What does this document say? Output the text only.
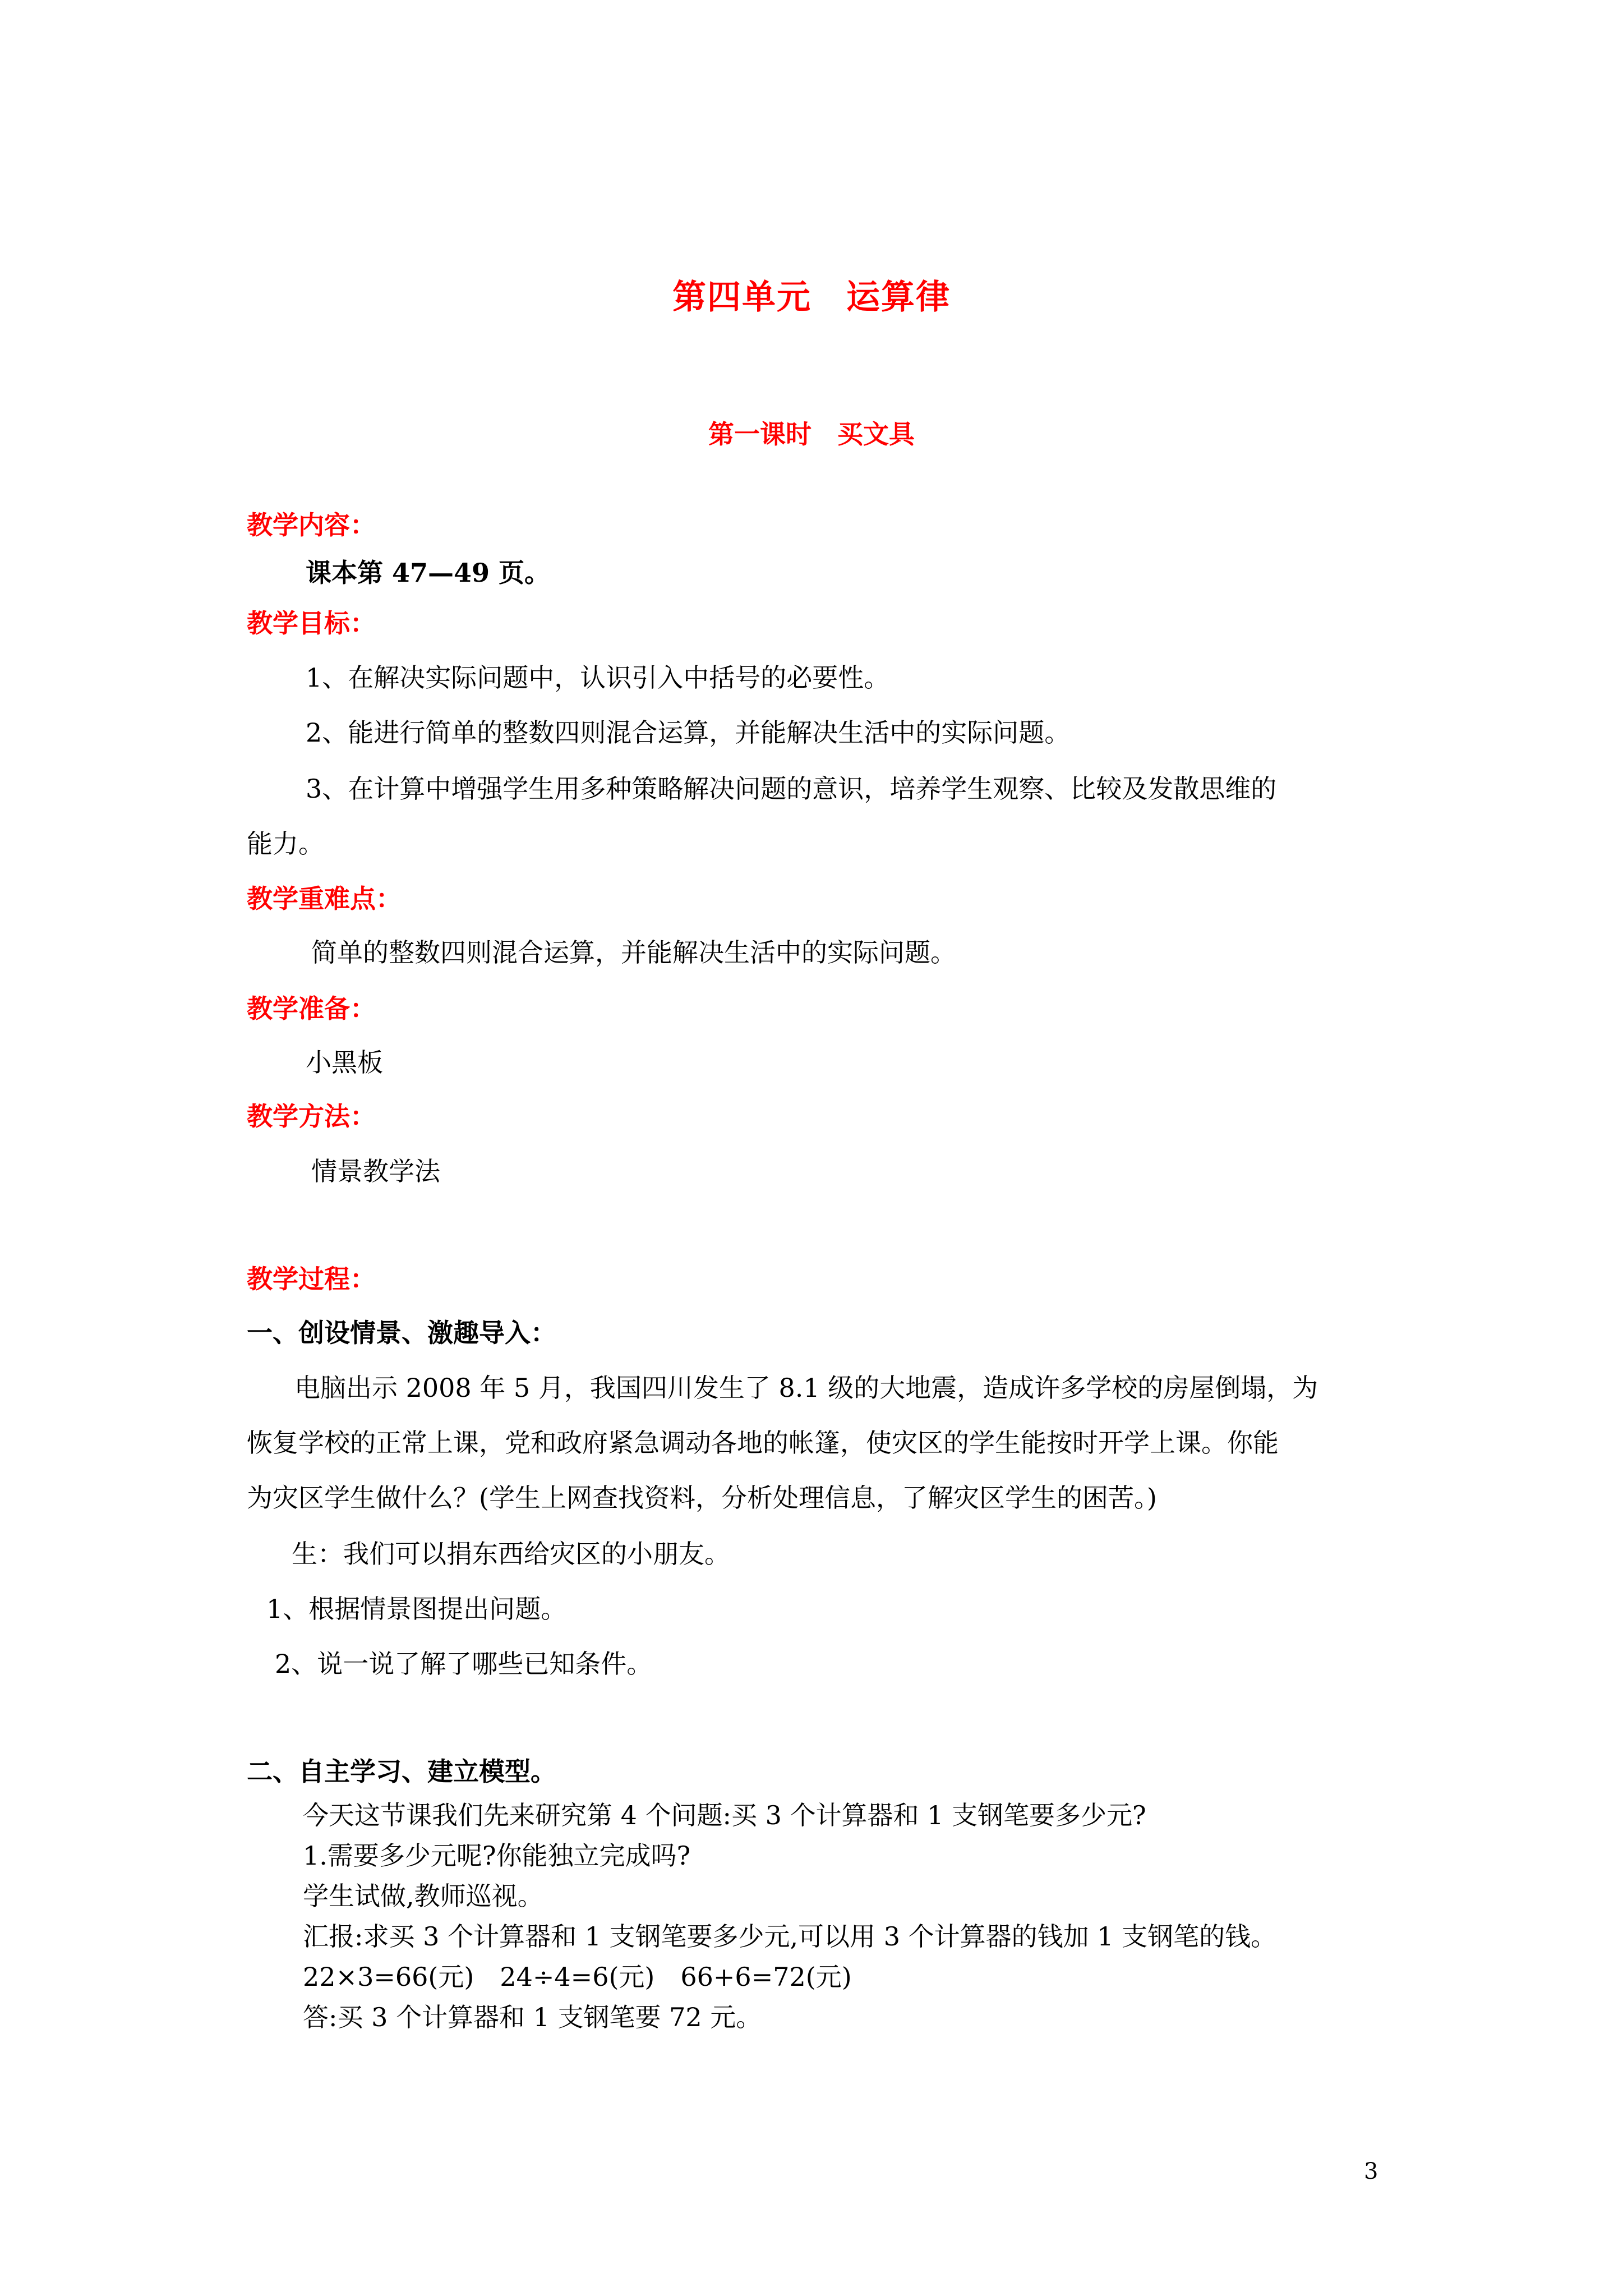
第四单元　运算律
第一课时　买文具
教学内容：
课本第 47—49 页。
教学目标：
1、在解决实际问题中，认识引入中括号的必要性。
2、能进行简单的整数四则混合运算，并能解决生活中的实际问题。
3、在计算中增强学生用多种策略解决问题的意识，培养学生观察、比较及发散思维的
能力。
教学重难点：
简单的整数四则混合运算，并能解决生活中的实际问题。
教学准备：
小黑板
教学方法：
情景教学法
教学过程：
一、创设情景、激趣导入：
电脑出示 2008 年 5 月，我国四川发生了 8.1 级的大地震，造成许多学校的房屋倒塌，为
恢复学校的正常上课，党和政府紧急调动各地的帐篷，使灾区的学生能按时开学上课。你能
为灾区学生做什么？(学生上网查找资料，分析处理信息，了解灾区学生的困苦。)
生：我们可以捐东西给灾区的小朋友。
1、根据情景图提出问题。
2、说一说了解了哪些已知条件。
二、自主学习、建立模型。
今天这节课我们先来研究第 4 个问题:买 3 个计算器和 1 支钢笔要多少元?
1.需要多少元呢?你能独立完成吗?
学生试做,教师巡视。
汇报:求买 3 个计算器和 1 支钢笔要多少元,可以用 3 个计算器的钱加 1 支钢笔的钱。
22×3=66(元)　24÷4=6(元)　66+6=72(元)
答:买 3 个计算器和 1 支钢笔要 72 元。
3
